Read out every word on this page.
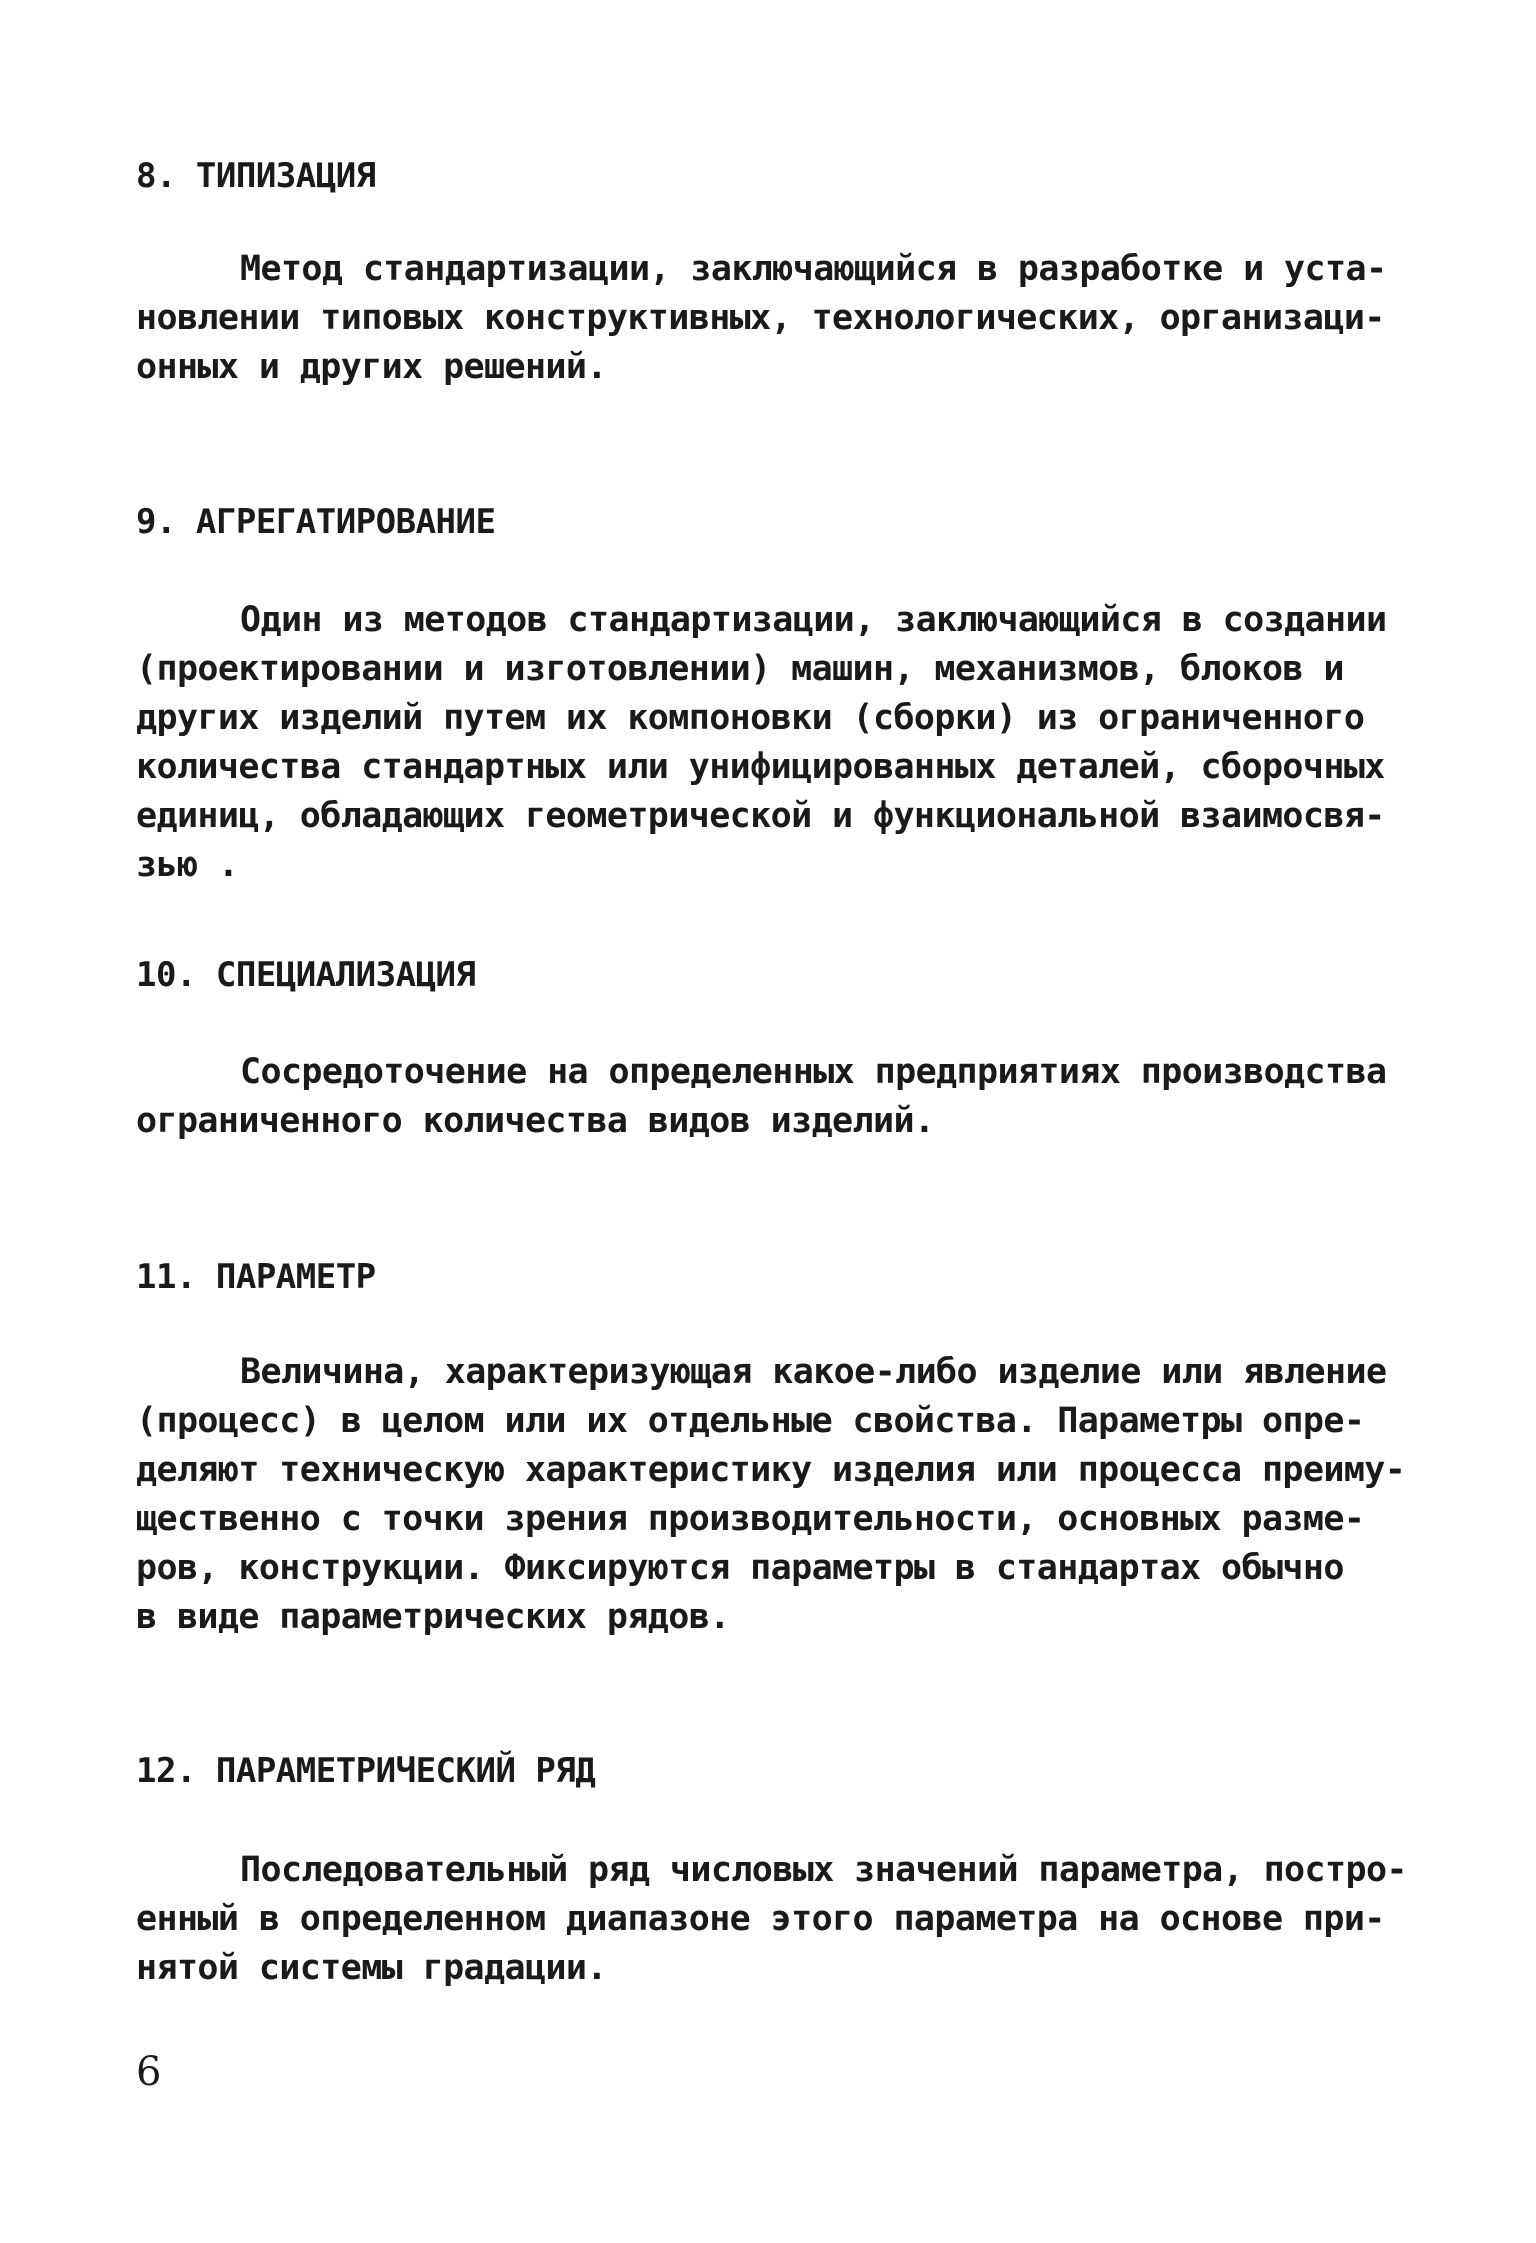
8. ТИПИЗАЦИЯ
Метод стандартизации, заключающийся в разработке и уста-
новлении типовых конструктивных, технологических, организаци-
онных и других решений.
9. АГРЕГАТИРОВАНИЕ
Один из методов стандартизации, заключающийся в создании
(проектировании и изготовлении) машин, механизмов, блоков и
других изделий путем их компоновки (сборки) из ограниченного
количества стандартных или унифицированных деталей, сборочных
единиц, обладающих геометрической и функциональной взаимосвя-
зью .
10. СПЕЦИАЛИЗАЦИЯ
Сосредоточение на определенных предприятиях производства
ограниченного количества видов изделий.
11. ПАРАМЕТР
Величина, характеризующая какое-либо изделие или явление
(процесс) в целом или их отдельные свойства. Параметры опре-
деляют техническую характеристику изделия или процесса преиму-
щественно с точки зрения производительности, основных разме-
ров, конструкции. Фиксируются параметры в стандартах обычно
в виде параметрических рядов.
12. ПАРАМЕТРИЧЕСКИЙ РЯД
Последовательный ряд числовых значений параметра, постро-
енный в определенном диапазоне этого параметра на основе при-
нятой системы градации.
6
